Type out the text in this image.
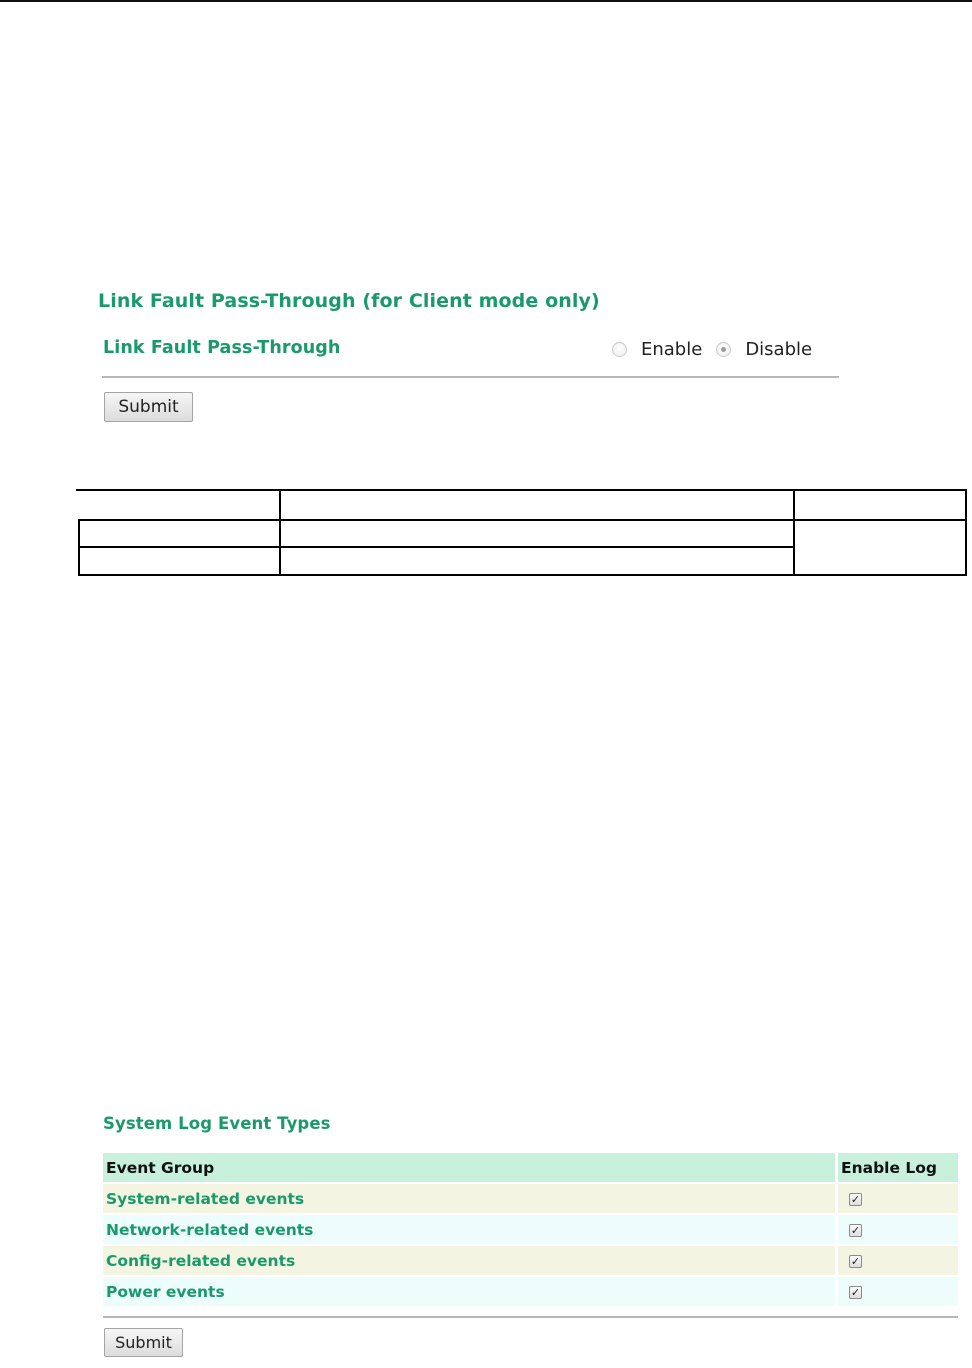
Link Fault Pass-Through (for Client mode only)
Link Fault Pass-Through	Enable Disable
Submit
System Log Event Types
Event Group	Enable Log
System-related events	✓
Network-related events	✓
Config-related events	✓
Power events	✓
Submit
